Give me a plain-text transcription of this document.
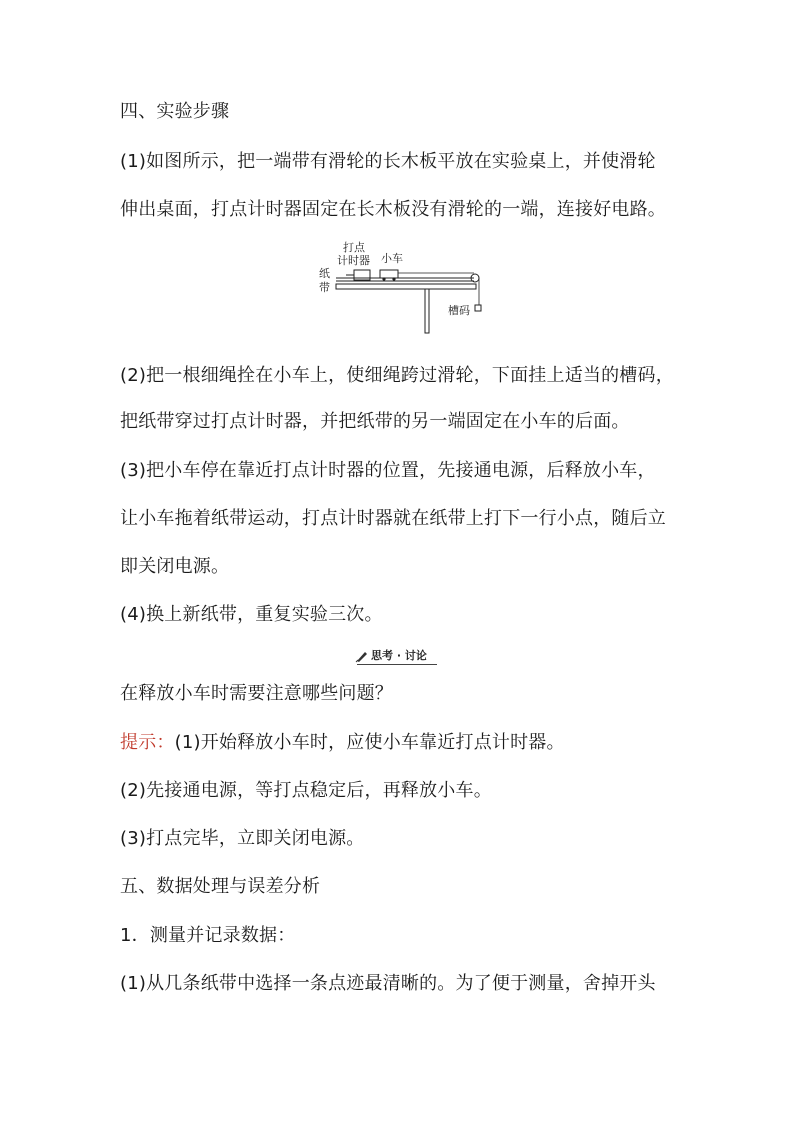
四、实验步骤
(1)如图所示，把一端带有滑轮的长木板平放在实验桌上，并使滑轮
伸出桌面，打点计时器固定在长木板没有滑轮的一端，连接好电路。
打点
计时器 小车
纸
带
槽码
(2)把一根细绳拴在小车上，使细绳跨过滑轮，下面挂上适当的槽码，
把纸带穿过打点计时器，并把纸带的另一端固定在小车的后面。
(3)把小车停在靠近打点计时器的位置，先接通电源，后释放小车，
让小车拖着纸带运动，打点计时器就在纸带上打下一行小点，随后立
即关闭电源。
(4)换上新纸带，重复实验三次。
思考 · 讨论
在释放小车时需要注意哪些问题？
提示：(1)开始释放小车时，应使小车靠近打点计时器。
(2)先接通电源，等打点稳定后，再释放小车。
(3)打点完毕，立即关闭电源。
五、数据处理与误差分析
1．测量并记录数据：
(1)从几条纸带中选择一条点迹最清晰的。为了便于测量，舍掉开头
